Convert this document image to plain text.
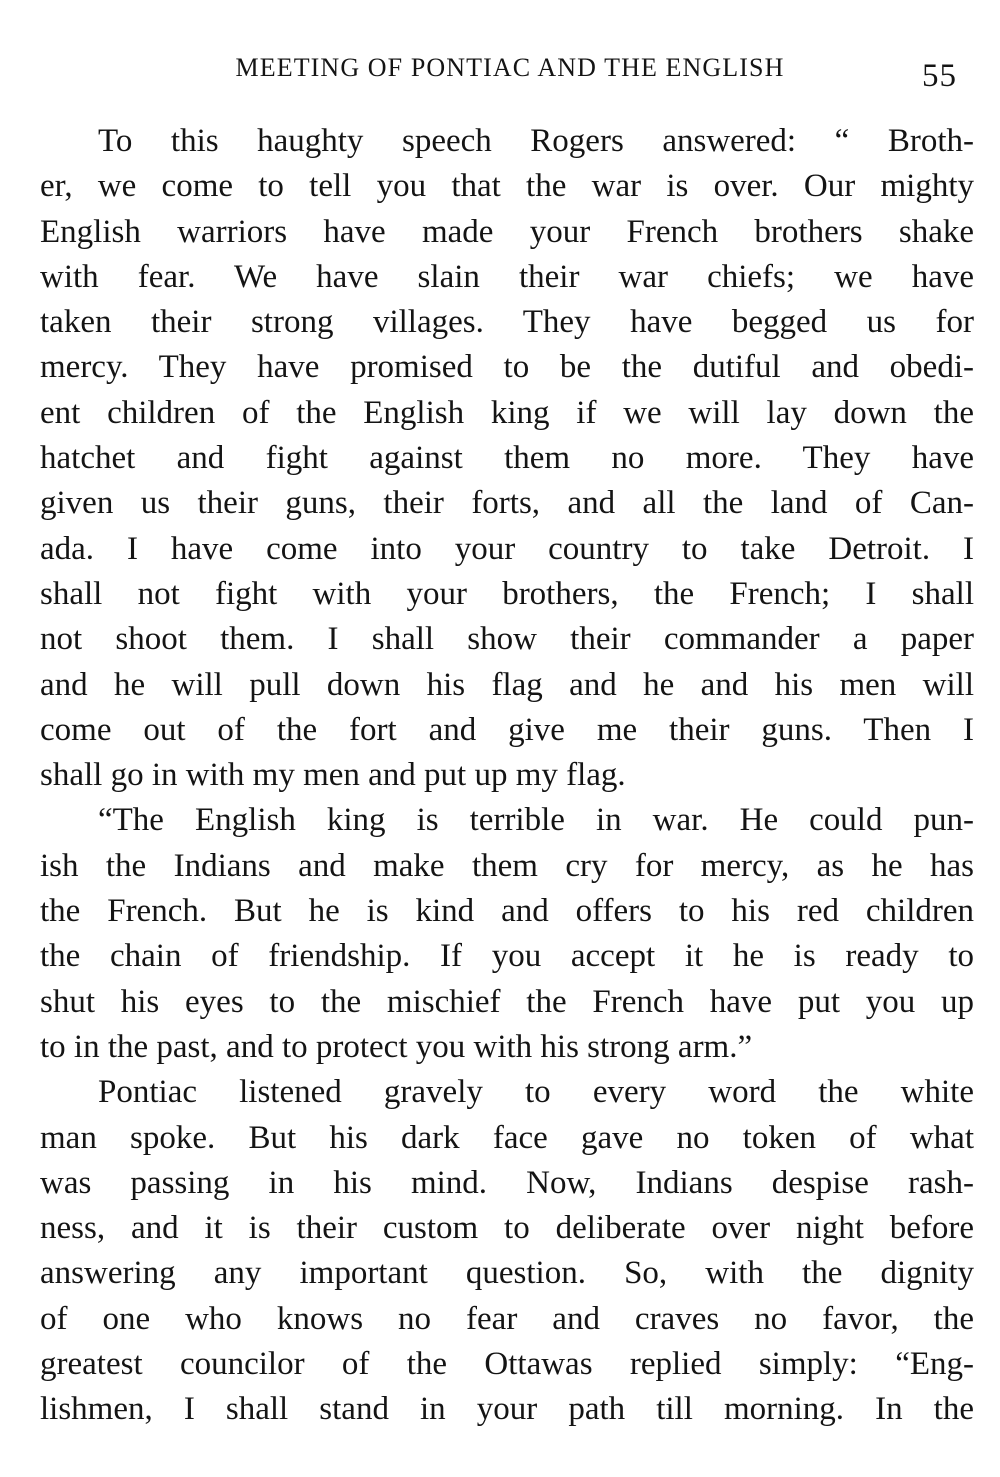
MEETING OF PONTIAC AND THE ENGLISH	55
To this haughty speech Rogers answered: “ Broth-
er, we come to tell you that the war is over. Our mighty
English warriors have made your French brothers shake
with fear. We have slain their war chiefs; we have
taken their strong villages. They have begged us for
mercy. They have promised to be the dutiful and obedi-
ent children of the English king if we will lay down the
hatchet and fight against them no more. They have
given us their guns, their forts, and all the land of Can-
ada. I have come into your country to take Detroit. I
shall not fight with your brothers, the French; I shall
not shoot them. I shall show their commander a paper
and he will pull down his flag and he and his men will
come out of the fort and give me their guns. Then I
shall go in with my men and put up my flag.
“The English king is terrible in war. He could pun-
ish the Indians and make them cry for mercy, as he has
the French. But he is kind and offers to his red children
the chain of friendship. If you accept it he is ready to
shut his eyes to the mischief the French have put you up
to in the past, and to protect you with his strong arm.”
Pontiac listened gravely to every word the white
man spoke. But his dark face gave no token of what
was passing in his mind. Now, Indians despise rash-
ness, and it is their custom to deliberate over night before
answering any important question. So, with the dignity
of one who knows no fear and craves no favor, the
greatest councilor of the Ottawas replied simply: “Eng-
lishmen, I shall stand in your path till morning. In the
